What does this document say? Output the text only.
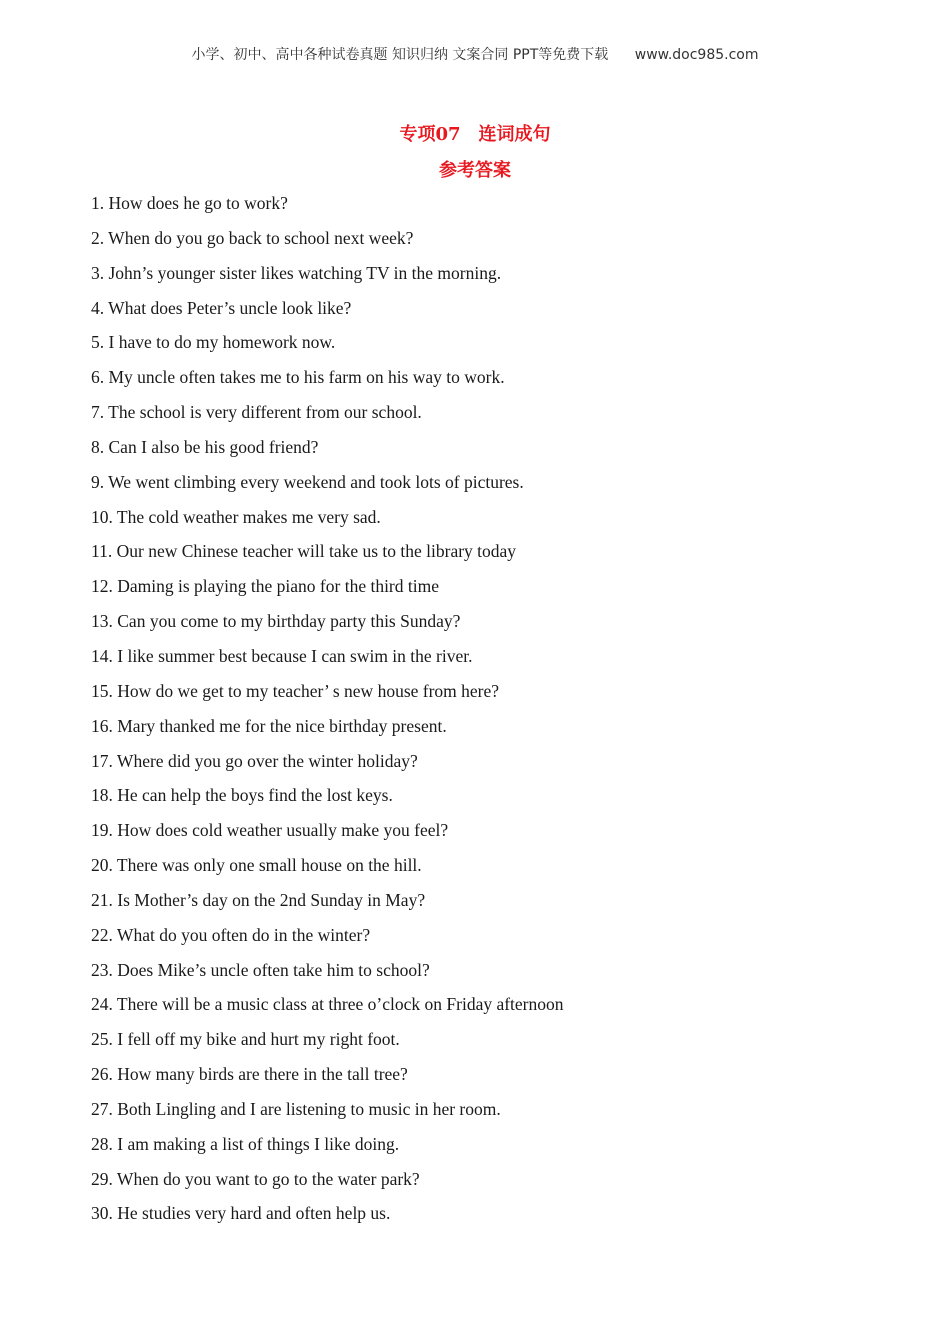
小学、初中、高中各种试卷真题 知识归纳 文案合同 PPT等免费下载 www.doc985.com
专项07　连词成句
参考答案
1. How does he go to work?
2. When do you go back to school next week?
3. John’s younger sister likes watching TV in the morning.
4. What does Peter’s uncle look like?
5. I have to do my homework now.
6. My uncle often takes me to his farm on his way to work.
7. The school is very different from our school.
8. Can I also be his good friend?
9. We went climbing every weekend and took lots of pictures.
10. The cold weather makes me very sad.
11. Our new Chinese teacher will take us to the library today
12. Daming is playing the piano for the third time
13. Can you come to my birthday party this Sunday?
14. I like summer best because I can swim in the river.
15. How do we get to my teacher’ s new house from here?
16. Mary thanked me for the nice birthday present.
17. Where did you go over the winter holiday?
18. He can help the boys find the lost keys.
19. How does cold weather usually make you feel?
20. There was only one small house on the hill.
21. Is Mother’s day on the 2nd Sunday in May?
22. What do you often do in the winter?
23. Does Mike’s uncle often take him to school?
24. There will be a music class at three o’clock on Friday afternoon
25. I fell off my bike and hurt my right foot.
26. How many birds are there in the tall tree?
27. Both Lingling and I are listening to music in her room.
28. I am making a list of things I like doing.
29. When do you want to go to the water park?
30. He studies very hard and often help us.
